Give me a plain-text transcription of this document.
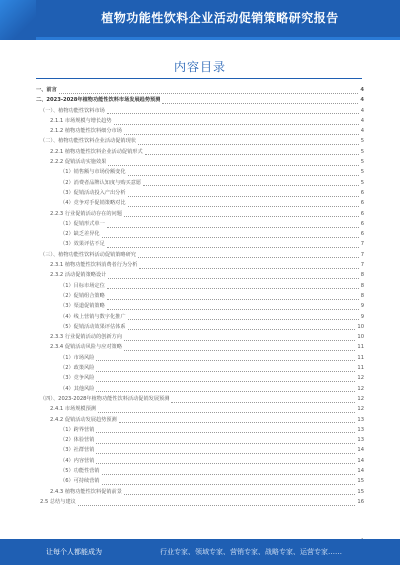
植物功能性饮料企业活动促销策略研究报告
内容目录
一、前言	4
二、2023-2028年植物功能性饮料市场发展趋势预测	4
（一）、植物功能性饮料市场	4
2.1.1 市场规模与增长趋势	4
2.1.2 植物功能性饮料细分市场	4
（二）、植物功能性饮料企业活动促销现状	5
2.2.1 植物功能性饮料企业活动促销形式	5
2.2.2 促销活动实施效果	5
（1）销售额与市场份额变化	5
（2）消费者品牌认知度与购买意愿	5
（3）促销活动投入产出分析	6
（4）竞争对手促销策略对比	6
2.2.3 行业促销活动存在的问题	6
（1）促销形式单一	6
（2）缺乏差异化	6
（3）效果评估不足	7
（三）、植物功能性饮料活动促销策略研究	7
2.3.1 植物功能性饮料消费者行为分析	7
2.3.2 活动促销策略设计	8
（1）目标市场定位	8
（2）促销组合策略	8
（3）渠道促销策略	9
（4）线上营销与数字化推广	9
（5）促销活动效果评估体系	10
2.3.3 行业促销活动的创新方向	10
2.3.4 促销活动风险与应对策略	11
（1）市场风险	11
（2）政策风险	11
（3）竞争风险	12
（4）其他风险	12
（四）、2023-2028年植物功能性饮料活动促销发展预测	12
2.4.1 市场规模预测	12
2.4.2 促销活动发展趋势预测	13
（1）跨界营销	13
（2）体验营销	13
（3）社群营销	14
（4）内容营销	14
（5）功能性营销	14
（6）可持续营销	15
2.4.3 植物功能性饮料促销前景	15
2.5 总结与建议	16
让每个人都能成为	行业专家、领域专家、营销专家、战略专家、运营专家……
